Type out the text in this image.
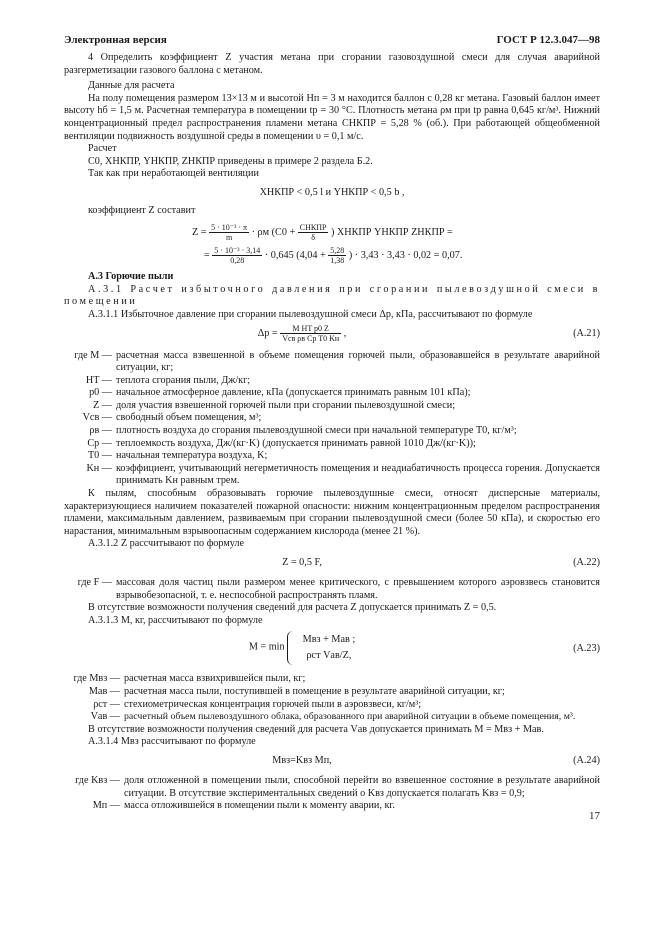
Электронная версия	ГОСТ Р 12.3.047—98

4 Определить коэффициент Z участия метана при сгорании газовоздушной смеси для случая аварийной разгерметизации газового баллона с метаном.

Данные для расчета

На полу помещения размером 13×13 м и высотой Hп = 3 м находится баллон с 0,28 кг метана. Газовый баллон имеет высоту hб = 1,5 м. Расчетная температура в помещении tр = 30 °С. Плотность метана ρм при tр равна 0,645 кг/м³. Нижний концентрационный предел распространения пламени метана CНКПР = 5,28 % (об.). При работающей общеобменной вентиляции подвижность воздушной среды в помещении υ = 0,1 м/с.

Расчет

C0, XНКПР, YНКПР, ZНКПР приведены в примере 2 раздела Б.2.

Так как при неработающей вентиляции

XНКПР < 0,5 l и YНКПР < 0,5 b ,

коэффициент Z составит

$Z = \frac{\text{5 · 10⁻³ · π}}{m} \cdot \rho м$ ($C0 + \frac{\text{CНКПР}}{\delta}$ ) XНКПР YНКПР ZНКПР =
= $\frac{\text{5 · 10⁻³ · 3,14}}{0,28} \cdot 0,645$ ($4,04 + \frac{5,28}{1,38}$ ) · 3,43 · 3,43 · 0,02 = 0,07.

А.3 Горючие пыли

А.3.1 Расчет избыточного давления при сгорании пылевоздушной смеси в помещении

А.3.1.1 Избыточное давление при сгорании пылевоздушной смеси Δp, кПа, рассчитывают по формуле

$\Delta p = \frac{\text{M HT p0 Z}}{\text{Vсв ρв Cp T0 Kн}}$ ,	(А.21)
где M — расчетная масса взвешенной в объеме помещения горючей пыли, образовавшейся в результате аварийной ситуации, кг;
HT — теплота сгорания пыли, Дж/кг;
p0 — начальное атмосферное давление, кПа (допускается принимать равным 101 кПа);
Z — доля участия взвешенной горючей пыли при сгорании пылевоздушной смеси;
Vсв — свободный объем помещения, м³;
ρв — плотность воздуха до сгорания пылевоздушной смеси при начальной температуре T0, кг/м³;
Cp — теплоемкость воздуха, Дж/(кг·K) (допускается принимать равной 1010 Дж/(кг·K));
T0 — начальная температура воздуха, K;
Kн — коэффициент, учитывающий негерметичность помещения и неадиабатичность процесса горения. Допускается принимать Kн равным трем.

К пылям, способным образовывать горючие пылевоздушные смеси, относят дисперсные материалы, характеризующиеся наличием показателей пожарной опасности: нижним концентрационным пределом распространения пламени, максимальным давлением, развиваемым при сгорании пылевоздушной смеси (более 50 кПа), и скоростью его нарастания, минимальным взрывоопасным содержанием кислорода (менее 21 %).

А.3.1.2 Z рассчитывают по формуле

Z = 0,5 F,	(А.22)
где F — массовая доля частиц пыли размером менее критического, с превышением которого аэровзвесь становится взрывобезопасной, т. е. неспособной распространять пламя.

В отсутствие возможности получения сведений для расчета Z допускается принимать Z = 0,5.

А.3.1.3 M, кг, рассчитывают по формуле

M = min
Mвз + Mав ;
ρст Vав/Z,
(А.23)
где Mвз — расчетная масса взвихрившейся пыли, кг;
Mав — расчетная масса пыли, поступившей в помещение в результате аварийной ситуации, кг;
ρст — стехиометрическая концентрация горючей пыли в аэровзвеси, кг/м³;
Vав — расчетный объем пылевоздушного облака, образованного при аварийной ситуации в объеме помещения, м³.

В отсутствие возможности получения сведений для расчета Vав допускается принимать M = Mвз + Mав.

А.3.1.4 Mвз рассчитывают по формуле

Mвз=Kвз Mп,	(А.24)
где Kвз — доля отложенной в помещении пыли, способной перейти во взвешенное состояние в результате аварийной ситуации. В отсутствие экспериментальных сведений о Kвз допускается полагать Kвз = 0,9;
Mп — масса отложившейся в помещении пыли к моменту аварии, кг.
17
